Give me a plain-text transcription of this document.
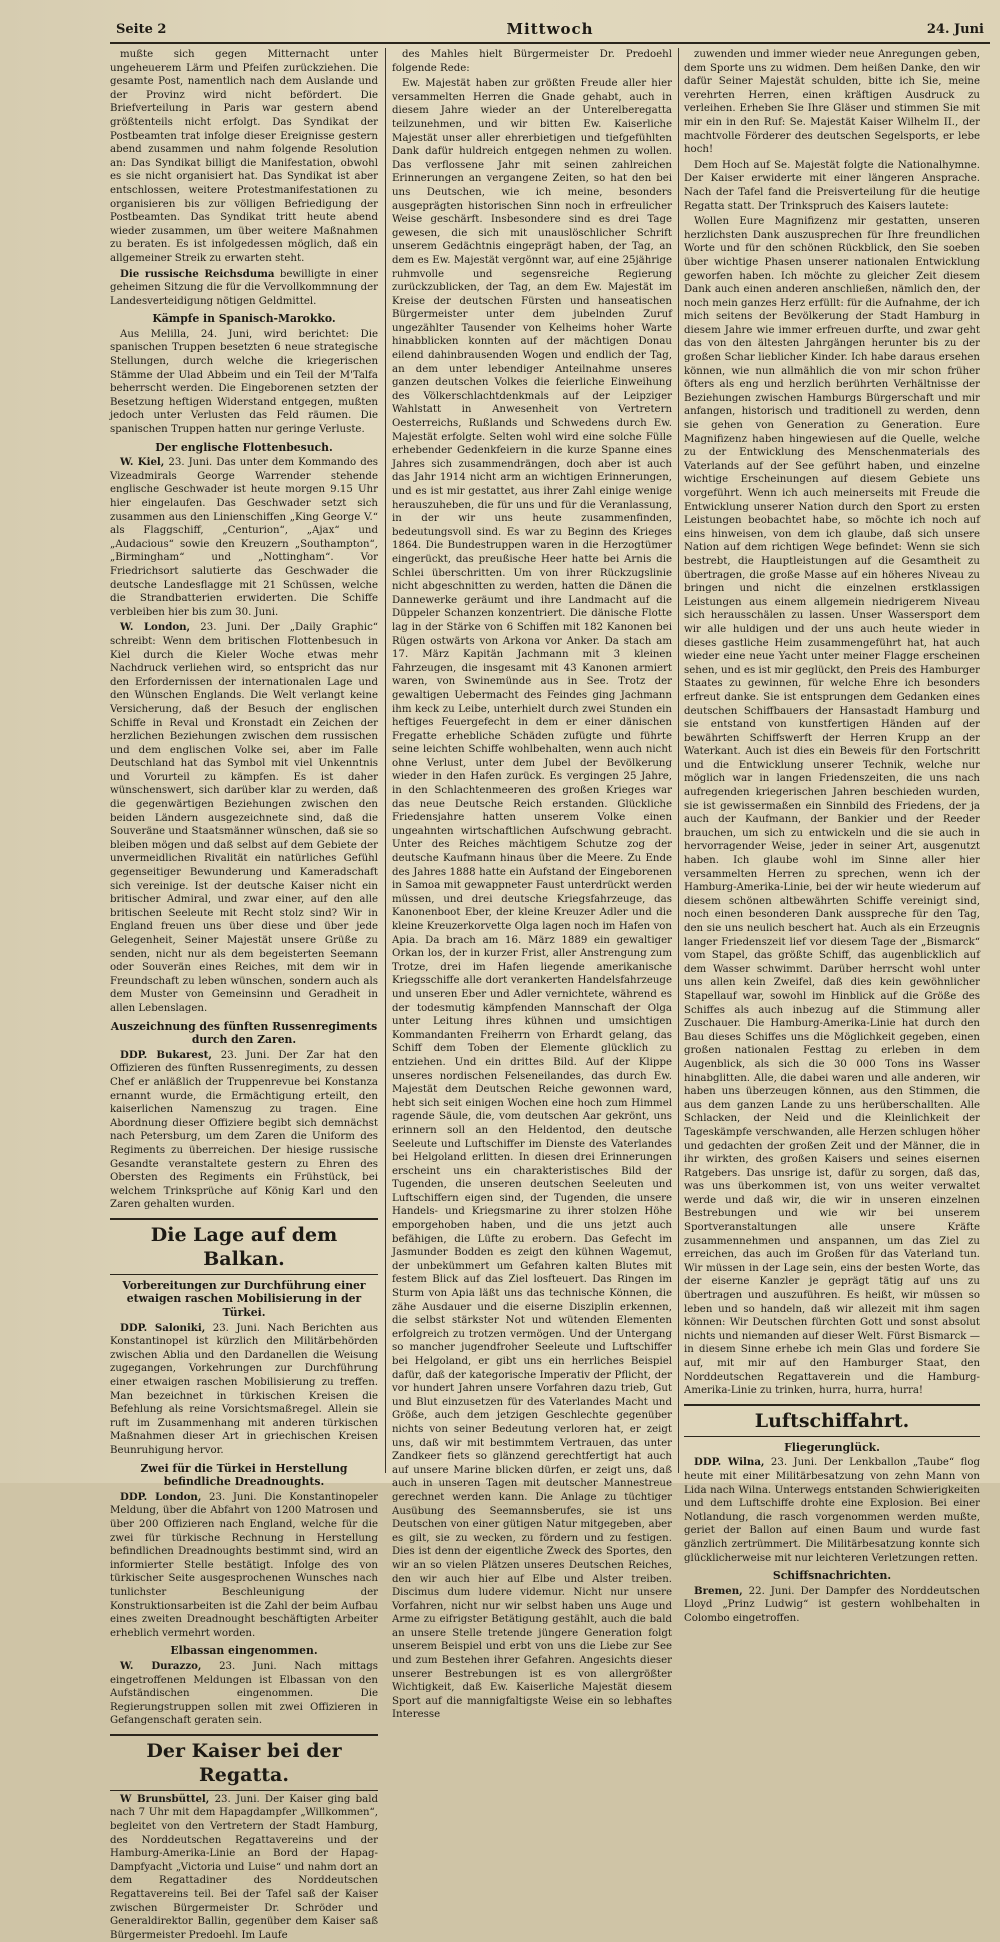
Seite 2	Mittwoch	24. Juni

mußte sich gegen Mitternacht unter ungeheuerem Lärm und Pfeifen zurückziehen. Die gesamte Post, namentlich nach dem Auslande und der Provinz wird nicht befördert. Die Briefverteilung in Paris war gestern abend größtenteils nicht erfolgt. Das Syndikat der Postbeamten trat infolge dieser Ereignisse gestern abend zusammen und nahm folgende Resolution an: Das Syndikat billigt die Manifestation, obwohl es sie nicht organisiert hat. Das Syndikat ist aber entschlossen, weitere Protestmanifestationen zu organisieren bis zur völligen Befriedigung der Postbeamten. Das Syndikat tritt heute abend wieder zusammen, um über weitere Maßnahmen zu beraten. Es ist infolgedessen möglich, daß ein allgemeiner Streik zu erwarten steht.

Die russische Reichsduma bewilligte in einer geheimen Sitzung die für die Vervollkommnung der Landesverteidigung nötigen Geldmittel.

Kämpfe in Spanisch-Marokko.

Aus Melilla, 24. Juni, wird berichtet: Die spanischen Truppen besetzten 6 neue strategische Stellungen, durch welche die kriegerischen Stämme der Ulad Abbeim und ein Teil der M'Talfa beherrscht werden. Die Eingeborenen setzten der Besetzung heftigen Widerstand entgegen, mußten jedoch unter Verlusten das Feld räumen. Die spanischen Truppen hatten nur geringe Verluste.

Der englische Flottenbesuch.

W. Kiel, 23. Juni. Das unter dem Kommando des Vizeadmirals George Warrender stehende englische Geschwader ist heute morgen 9.15 Uhr hier eingelaufen. Das Geschwader setzt sich zusammen aus den Linienschiffen „King George V.“ als Flaggschiff, „Centurion“, „Ajax“ und „Audacious“ sowie den Kreuzern „Southampton“, „Birmingham“ und „Nottingham“. Vor Friedrichsort salutierte das Geschwader die deutsche Landesflagge mit 21 Schüssen, welche die Strandbatterien erwiderten. Die Schiffe verbleiben hier bis zum 30. Juni.

W. London, 23. Juni. Der „Daily Graphic“ schreibt: Wenn dem britischen Flottenbesuch in Kiel durch die Kieler Woche etwas mehr Nachdruck verliehen wird, so entspricht das nur den Erfordernissen der internationalen Lage und den Wünschen Englands. Die Welt verlangt keine Versicherung, daß der Besuch der englischen Schiffe in Reval und Kronstadt ein Zeichen der herzlichen Beziehungen zwischen dem russischen und dem englischen Volke sei, aber im Falle Deutschland hat das Symbol mit viel Unkenntnis und Vorurteil zu kämpfen. Es ist daher wünschenswert, sich darüber klar zu werden, daß die gegenwärtigen Beziehungen zwischen den beiden Ländern ausgezeichnete sind, daß die Souveräne und Staatsmänner wünschen, daß sie so bleiben mögen und daß selbst auf dem Gebiete der unvermeidlichen Rivalität ein natürliches Gefühl gegenseitiger Bewunderung und Kameradschaft sich vereinige. Ist der deutsche Kaiser nicht ein britischer Admiral, und zwar einer, auf den alle britischen Seeleute mit Recht stolz sind? Wir in England freuen uns über diese und über jede Gelegenheit, Seiner Majestät unsere Grüße zu senden, nicht nur als dem begeisterten Seemann oder Souverän eines Reiches, mit dem wir in Freundschaft zu leben wünschen, sondern auch als dem Muster von Gemeinsinn und Geradheit in allen Lebenslagen.

Auszeichnung des fünften Russenregiments durch den Zaren.

DDP. Bukarest, 23. Juni. Der Zar hat den Offizieren des fünften Russenregiments, zu dessen Chef er anläßlich der Truppenrevue bei Konstanza ernannt wurde, die Ermächtigung erteilt, den kaiserlichen Namenszug zu tragen. Eine Abordnung dieser Offiziere begibt sich demnächst nach Petersburg, um dem Zaren die Uniform des Regiments zu überreichen. Der hiesige russische Gesandte veranstaltete gestern zu Ehren des Obersten des Regiments ein Frühstück, bei welchem Trinksprüche auf König Karl und den Zaren gehalten wurden.

Die Lage auf dem Balkan.
Vorbereitungen zur Durchführung einer etwaigen raschen Mobilisierung in der Türkei.

DDP. Saloniki, 23. Juni. Nach Berichten aus Konstantinopel ist kürzlich den Militärbehörden zwischen Ablia und den Dardanellen die Weisung zugegangen, Vorkehrungen zur Durchführung einer etwaigen raschen Mobilisierung zu treffen. Man bezeichnet in türkischen Kreisen die Befehlung als reine Vorsichtsmaßregel. Allein sie ruft im Zusammenhang mit anderen türkischen Maßnahmen dieser Art in griechischen Kreisen Beunruhigung hervor.

Zwei für die Türkei in Herstellung befindliche Dreadnoughts.

DDP. London, 23. Juni. Die Konstantinopeler Meldung, über die Abfahrt von 1200 Matrosen und über 200 Offizieren nach England, welche für die zwei für türkische Rechnung in Herstellung befindlichen Dreadnoughts bestimmt sind, wird an informierter Stelle bestätigt. Infolge des von türkischer Seite ausgesprochenen Wunsches nach tunlichster Beschleunigung der Konstruktionsarbeiten ist die Zahl der beim Aufbau eines zweiten Dreadnought beschäftigten Arbeiter erheblich vermehrt worden.

Elbassan eingenommen.

W. Durazzo, 23. Juni. Nach mittags eingetroffenen Meldungen ist Elbassan von den Aufständischen eingenommen. Die Regierungstruppen sollen mit zwei Offizieren in Gefangenschaft geraten sein.

Der Kaiser bei der Regatta.

W Brunsbüttel, 23. Juni. Der Kaiser ging bald nach 7 Uhr mit dem Hapagdampfer „Willkommen“, begleitet von den Vertretern der Stadt Hamburg, des Norddeutschen Regattavereins und der Hamburg-Amerika-Linie an Bord der Hapag-Dampfyacht „Victoria und Luise“ und nahm dort an dem Regattadiner des Norddeutschen Regattavereins teil. Bei der Tafel saß der Kaiser zwischen Bürgermeister Dr. Schröder und Generaldirektor Ballin, gegenüber dem Kaiser saß Bürgermeister Predoehl. Im Laufe

des Mahles hielt Bürgermeister Dr. Predoehl folgende Rede:

Ew. Majestät haben zur größten Freude aller hier versammelten Herren die Gnade gehabt, auch in diesem Jahre wieder an der Unterelberegatta teilzunehmen, und wir bitten Ew. Kaiserliche Majestät unser aller ehrerbietigen und tiefgefühlten Dank dafür huldreich entgegen nehmen zu wollen. Das verflossene Jahr mit seinen zahlreichen Erinnerungen an vergangene Zeiten, so hat den bei uns Deutschen, wie ich meine, besonders ausgeprägten historischen Sinn noch in erfreulicher Weise geschärft. Insbesondere sind es drei Tage gewesen, die sich mit unauslöschlicher Schrift unserem Gedächtnis eingeprägt haben, der Tag, an dem es Ew. Majestät vergönnt war, auf eine 25jährige ruhmvolle und segensreiche Regierung zurückzublicken, der Tag, an dem Ew. Majestät im Kreise der deutschen Fürsten und hanseatischen Bürgermeister unter dem jubelnden Zuruf ungezählter Tausender von Kelheims hoher Warte hinabblicken konnten auf der mächtigen Donau eilend dahinbrausenden Wogen und endlich der Tag, an dem unter lebendiger Anteilnahme unseres ganzen deutschen Volkes die feierliche Einweihung des Völkerschlachtdenkmals auf der Leipziger Wahlstatt in Anwesenheit von Vertretern Oesterreichs, Rußlands und Schwedens durch Ew. Majestät erfolgte. Selten wohl wird eine solche Fülle erhebender Gedenkfeiern in die kurze Spanne eines Jahres sich zusammendrängen, doch aber ist auch das Jahr 1914 nicht arm an wichtigen Erinnerungen, und es ist mir gestattet, aus ihrer Zahl einige wenige herauszuheben, die für uns und für die Veranlassung, in der wir uns heute zusammenfinden, bedeutungsvoll sind. Es war zu Beginn des Krieges 1864. Die Bundestruppen waren in die Herzogtümer eingerückt, das preußische Heer hatte bei Arnis die Schlei überschritten. Um von ihrer Rückzugslinie nicht abgeschnitten zu werden, hatten die Dänen die Dannewerke geräumt und ihre Landmacht auf die Düppeler Schanzen konzentriert. Die dänische Flotte lag in der Stärke von 6 Schiffen mit 182 Kanonen bei Rügen ostwärts von Arkona vor Anker. Da stach am 17. März Kapitän Jachmann mit 3 kleinen Fahrzeugen, die insgesamt mit 43 Kanonen armiert waren, von Swinemünde aus in See. Trotz der gewaltigen Uebermacht des Feindes ging Jachmann ihm keck zu Leibe, unterhielt durch zwei Stunden ein heftiges Feuergefecht in dem er einer dänischen Fregatte erhebliche Schäden zufügte und führte seine leichten Schiffe wohlbehalten, wenn auch nicht ohne Verlust, unter dem Jubel der Bevölkerung wieder in den Hafen zurück. Es vergingen 25 Jahre, in den Schlachtenmeeren des großen Krieges war das neue Deutsche Reich erstanden. Glückliche Friedensjahre hatten unserem Volke einen ungeahnten wirtschaftlichen Aufschwung gebracht. Unter des Reiches mächtigem Schutze zog der deutsche Kaufmann hinaus über die Meere. Zu Ende des Jahres 1888 hatte ein Aufstand der Eingeborenen in Samoa mit gewappneter Faust unterdrückt werden müssen, und drei deutsche Kriegsfahrzeuge, das Kanonenboot Eber, der kleine Kreuzer Adler und die kleine Kreuzerkorvette Olga lagen noch im Hafen von Apia. Da brach am 16. März 1889 ein gewaltiger Orkan los, der in kurzer Frist, aller Anstrengung zum Trotze, drei im Hafen liegende amerikanische Kriegsschiffe alle dort verankerten Handelsfahrzeuge und unseren Eber und Adler vernichtete, während es der todesmutig kämpfenden Mannschaft der Olga unter Leitung ihres kühnen und umsichtigen Kommandanten Freiherrn von Erhardt gelang, das Schiff dem Toben der Elemente glücklich zu entziehen. Und ein drittes Bild. Auf der Klippe unseres nordischen Felseneilandes, das durch Ew. Majestät dem Deutschen Reiche gewonnen ward, hebt sich seit einigen Wochen eine hoch zum Himmel ragende Säule, die, vom deutschen Aar gekrönt, uns erinnern soll an den Heldentod, den deutsche Seeleute und Luftschiffer im Dienste des Vaterlandes bei Helgoland erlitten. In diesen drei Erinnerungen erscheint uns ein charakteristisches Bild der Tugenden, die unseren deutschen Seeleuten und Luftschiffern eigen sind, der Tugenden, die unsere Handels- und Kriegsmarine zu ihrer stolzen Höhe emporgehoben haben, und die uns jetzt auch befähigen, die Lüfte zu erobern. Das Gefecht im Jasmunder Bodden es zeigt den kühnen Wagemut, der unbekümmert um Gefahren kalten Blutes mit festem Blick auf das Ziel losfteuert. Das Ringen im Sturm von Apia läßt uns das technische Können, die zähe Ausdauer und die eiserne Disziplin erkennen, die selbst stärkster Not und wütenden Elementen erfolgreich zu trotzen vermögen. Und der Untergang so mancher jugendfroher Seeleute und Luftschiffer bei Helgoland, er gibt uns ein herrliches Beispiel dafür, daß der kategorische Imperativ der Pflicht, der vor hundert Jahren unsere Vorfahren dazu trieb, Gut und Blut einzusetzen für des Vaterlandes Macht und Größe, auch dem jetzigen Geschlechte gegenüber nichts von seiner Bedeutung verloren hat, er zeigt uns, daß wir mit bestimmtem Vertrauen, das unter Zandkeer fiets so glänzend gerechtfertigt hat auch auf unsere Marine blicken dürfen, er zeigt uns, daß auch in unseren Tagen mit deutscher Mannestreue gerechnet werden kann. Die Anlage zu tüchtiger Ausübung des Seemannsberufes, sie ist uns Deutschen von einer gütigen Natur mitgegeben, aber es gilt, sie zu wecken, zu fördern und zu festigen. Dies ist denn der eigentliche Zweck des Sportes, den wir an so vielen Plätzen unseres Deutschen Reiches, den wir auch hier auf Elbe und Alster treiben. Discimus dum ludere videmur. Nicht nur unsere Vorfahren, nicht nur wir selbst haben uns Auge und Arme zu eifrigster Betätigung gestählt, auch die bald an unsere Stelle tretende jüngere Generation folgt unserem Beispiel und erbt von uns die Liebe zur See und zum Bestehen ihrer Gefahren. Angesichts dieser unserer Bestrebungen ist es von allergrößter Wichtigkeit, daß Ew. Kaiserliche Majestät diesem Sport auf die mannigfaltigste Weise ein so lebhaftes Interesse

zuwenden und immer wieder neue Anregungen geben, dem Sporte uns zu widmen. Dem heißen Danke, den wir dafür Seiner Majestät schulden, bitte ich Sie, meine verehrten Herren, einen kräftigen Ausdruck zu verleihen. Erheben Sie Ihre Gläser und stimmen Sie mit mir ein in den Ruf: Se. Majestät Kaiser Wilhelm II., der machtvolle Förderer des deutschen Segelsports, er lebe hoch!

Dem Hoch auf Se. Majestät folgte die Nationalhymne. Der Kaiser erwiderte mit einer längeren Ansprache. Nach der Tafel fand die Preisverteilung für die heutige Regatta statt. Der Trinkspruch des Kaisers lautete:

Wollen Eure Magnifizenz mir gestatten, unseren herzlichsten Dank auszusprechen für Ihre freundlichen Worte und für den schönen Rückblick, den Sie soeben über wichtige Phasen unserer nationalen Entwicklung geworfen haben. Ich möchte zu gleicher Zeit diesem Dank auch einen anderen anschließen, nämlich den, der noch mein ganzes Herz erfüllt: für die Aufnahme, der ich mich seitens der Bevölkerung der Stadt Hamburg in diesem Jahre wie immer erfreuen durfte, und zwar geht das von den ältesten Jahrgängen herunter bis zu der großen Schar lieblicher Kinder. Ich habe daraus ersehen können, wie nun allmählich die von mir schon früher öfters als eng und herzlich berührten Verhältnisse der Beziehungen zwischen Hamburgs Bürgerschaft und mir anfangen, historisch und traditionell zu werden, denn sie gehen von Generation zu Generation. Eure Magnifizenz haben hingewiesen auf die Quelle, welche zu der Entwicklung des Menschenmaterials des Vaterlands auf der See geführt haben, und einzelne wichtige Erscheinungen auf diesem Gebiete uns vorgeführt. Wenn ich auch meinerseits mit Freude die Entwicklung unserer Nation durch den Sport zu ersten Leistungen beobachtet habe, so möchte ich noch auf eins hinweisen, von dem ich glaube, daß sich unsere Nation auf dem richtigen Wege befindet: Wenn sie sich bestrebt, die Hauptleistungen auf die Gesamtheit zu übertragen, die große Masse auf ein höheres Niveau zu bringen und nicht die einzelnen erstklassigen Leistungen aus einem allgemein niedrigerem Niveau sich herausschälen zu lassen. Unser Wassersport dem wir alle huldigen und der uns auch heute wieder in dieses gastliche Heim zusammengeführt hat, hat auch wieder eine neue Yacht unter meiner Flagge erscheinen sehen, und es ist mir geglückt, den Preis des Hamburger Staates zu gewinnen, für welche Ehre ich besonders erfreut danke. Sie ist entsprungen dem Gedanken eines deutschen Schiffbauers der Hansastadt Hamburg und sie entstand von kunstfertigen Händen auf der bewährten Schiffswerft der Herren Krupp an der Waterkant. Auch ist dies ein Beweis für den Fortschritt und die Entwicklung unserer Technik, welche nur möglich war in langen Friedenszeiten, die uns nach aufregenden kriegerischen Jahren beschieden wurden, sie ist gewissermaßen ein Sinnbild des Friedens, der ja auch der Kaufmann, der Bankier und der Reeder brauchen, um sich zu entwickeln und die sie auch in hervorragender Weise, jeder in seiner Art, ausgenutzt haben. Ich glaube wohl im Sinne aller hier versammelten Herren zu sprechen, wenn ich der Hamburg-Amerika-Linie, bei der wir heute wiederum auf diesem schönen altbewährten Schiffe vereinigt sind, noch einen besonderen Dank ausspreche für den Tag, den sie uns neulich beschert hat. Auch als ein Erzeugnis langer Friedenszeit lief vor diesem Tage der „Bismarck“ vom Stapel, das größte Schiff, das augenblicklich auf dem Wasser schwimmt. Darüber herrscht wohl unter uns allen kein Zweifel, daß dies kein gewöhnlicher Stapellauf war, sowohl im Hinblick auf die Größe des Schiffes als auch inbezug auf die Stimmung aller Zuschauer. Die Hamburg-Amerika-Linie hat durch den Bau dieses Schiffes uns die Möglichkeit gegeben, einen großen nationalen Festtag zu erleben in dem Augenblick, als sich die 30 000 Tons ins Wasser hinabglitten. Alle, die dabei waren und alle anderen, wir haben uns überzeugen können, aus den Stimmen, die aus dem ganzen Lande zu uns herüberschallten. Alle Schlacken, der Neid und die Kleinlichkeit der Tageskämpfe verschwanden, alle Herzen schlugen höher und gedachten der großen Zeit und der Männer, die in ihr wirkten, des großen Kaisers und seines eisernen Ratgebers. Das unsrige ist, dafür zu sorgen, daß das, was uns überkommen ist, von uns weiter verwaltet werde und daß wir, die wir in unseren einzelnen Bestrebungen und wie wir bei unserem Sportveranstaltungen alle unsere Kräfte zusammennehmen und anspannen, um das Ziel zu erreichen, das auch im Großen für das Vaterland tun. Wir müssen in der Lage sein, eins der besten Worte, das der eiserne Kanzler je geprägt tätig auf uns zu übertragen und auszuführen. Es heißt, wir müssen so leben und so handeln, daß wir allezeit mit ihm sagen können: Wir Deutschen fürchten Gott und sonst absolut nichts und niemanden auf dieser Welt. Fürst Bismarck — in diesem Sinne erhebe ich mein Glas und fordere Sie auf, mit mir auf den Hamburger Staat, den Norddeutschen Regattaverein und die Hamburg-Amerika-Linie zu trinken, hurra, hurra, hurra!

Luftschiffahrt.
Fliegerunglück.

DDP. Wilna, 23. Juni. Der Lenkballon „Taube“ flog heute mit einer Militärbesatzung von zehn Mann von Lida nach Wilna. Unterwegs entstanden Schwierigkeiten und dem Luftschiffe drohte eine Explosion. Bei einer Notlandung, die rasch vorgenommen werden mußte, geriet der Ballon auf einen Baum und wurde fast gänzlich zertrümmert. Die Militärbesatzung konnte sich glücklicherweise mit nur leichteren Verletzungen retten.

Schiffsnachrichten.

Bremen, 22. Juni. Der Dampfer des Norddeutschen Lloyd „Prinz Ludwig“ ist gestern wohlbehalten in Colombo eingetroffen.
